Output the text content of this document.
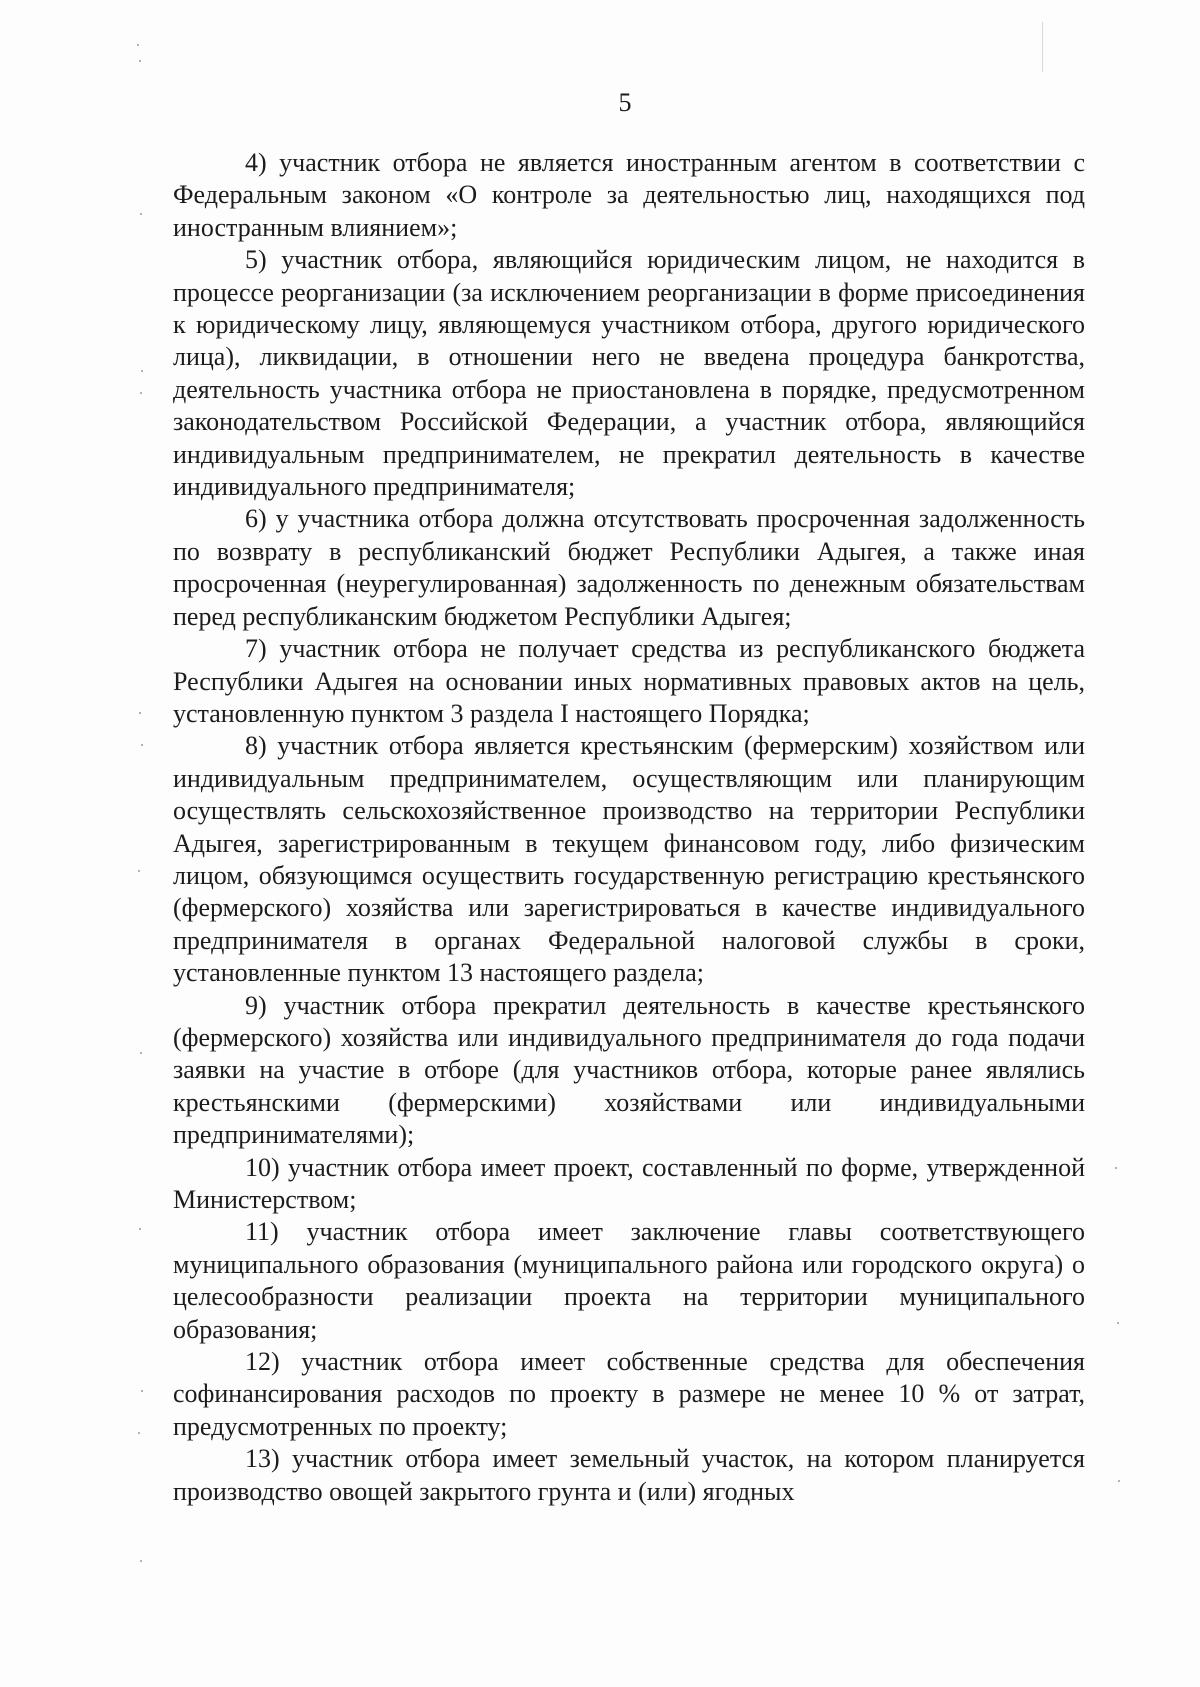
5

4) участник отбора не является иностранным агентом в соответствии с Федеральным законом «О контроле за деятельностью лиц, находящихся под иностранным влиянием»;

5) участник отбора, являющийся юридическим лицом, не находится в процессе реорганизации (за исключением реорганизации в форме присоединения к юридическому лицу, являющемуся участником отбора, другого юридического лица), ликвидации, в отношении него не введена процедура банкротства, деятельность участника отбора не приостановлена в порядке, предусмотренном законодательством Российской Федерации, а участник отбора, являющийся индивидуальным предпринимателем, не прекратил деятельность в качестве индивидуального предпринимателя;

6) у участника отбора должна отсутствовать просроченная задолженность по возврату в республиканский бюджет Республики Адыгея, а также иная просроченная (неурегулированная) задолженность по денежным обязательствам перед республиканским бюджетом Республики Адыгея;

7) участник отбора не получает средства из республиканского бюджета Республики Адыгея на основании иных нормативных правовых актов на цель, установленную пунктом 3 раздела I настоящего Порядка;

8) участник отбора является крестьянским (фермерским) хозяйством или индивидуальным предпринимателем, осуществляющим или планирующим осуществлять сельскохозяйственное производство на территории Республики Адыгея, зарегистрированным в текущем финансовом году, либо физическим лицом, обязующимся осуществить государственную регистрацию крестьянского (фермерского) хозяйства или зарегистрироваться в качестве индивидуального предпринимателя в органах Федеральной налоговой службы в сроки, установленные пунктом 13 настоящего раздела;

9) участник отбора прекратил деятельность в качестве крестьянского (фермерского) хозяйства или индивидуального предпринимателя до года подачи заявки на участие в отборе (для участников отбора, которые ранее являлись крестьянскими (фермерскими) хозяйствами или индивидуальными предпринимателями);

10) участник отбора имеет проект, составленный по форме, утвержденной Министерством;

11) участник отбора имеет заключение главы соответствующего муниципального образования (муниципального района или городского округа) о целесообразности реализации проекта на территории муниципального образования;

12) участник отбора имеет собственные средства для обеспечения софинансирования расходов по проекту в размере не менее 10 % от затрат, предусмотренных по проекту;

13) участник отбора имеет земельный участок, на котором планируется производство овощей закрытого грунта и (или) ягодных
